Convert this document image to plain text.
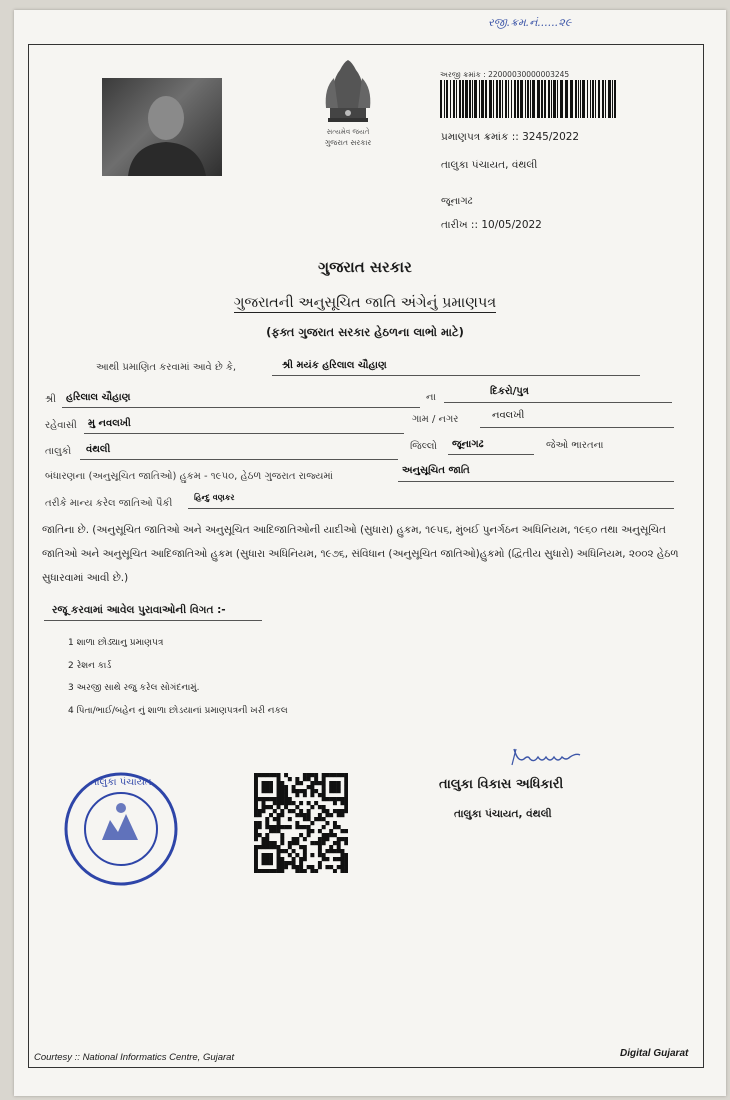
રજી.ક્રમ.નં......૨૯
સત્યમેવ જયતે
ગુજરાત સરકાર
અરજી ક્રમાંક : 22000030000003245
પ્રમાણપત્ર ક્રમાંક :: 3245/2022
તાલુકા પંચાયત, વંથલી
જૂનાગઢ
તારીખ :: 10/05/2022
ગુજરાત સરકાર
ગુજરાતની અનુસૂચિત જાતિ અંગેનું પ્રમાણપત્ર
(ફક્ત ગુજરાત સરકાર હેઠળના લાભો માટે)
આથી પ્રમાણિત કરવામાં આવે છે કે,	શ્રી મયંક હરિલાલ ચૌહાણ
શ્રી હરિલાલ ચૌહાણ	ના
દિકરો/પુત્ર
રહેવાસી મુ નવલખી	ગામ / નગર	નવલખી
તાલુકો વંથલી	જિલ્લો જૂનાગઢ	જેઓ ભારતના
બંધારણના (અનુસૂચિત જાતિઓ) હુકમ - ૧૯૫૦, હેઠળ ગુજરાત રાજ્યમાં
અનુસૂચિત જાતિ
તરીકે માન્ય કરેલ જાતિઓ પૈકી
હિન્દુ વણકર
જાતિના છે. (અનુસૂચિત જાતિઓ અને અનુસૂચિત આદિજાતિઓની યાદીઓ (સુધારા) હુકમ, ૧૯૫૬, મુંબઈ પુનર્ગઠન અધિનિયમ, ૧૯૬૦ તથા અનુસૂચિત જાતિઓ અને અનુસૂચિત આદિજાતિઓ હુકમ (સુધારા અધિનિયમ, ૧૯૭૬, સંવિધાન (અનુસૂચિત જાતિઓ)હુકમો (દ્વિતીય સુધારો) અધિનિયમ, ૨૦૦૨ હેઠળ સુધારવામાં આવી છે.)
રજૂ કરવામાં આવેલ પુરાવાઓની વિગત :-
1 શાળા છોડ્યાનુ પ્રમાણપત્ર
2 રેશન કાર્ડ
3 અરજી સાથે રજુ કરેલ સોગંદનામું.
4 પિતા/ભાઈ/બહેન નું શાળા છોડયાનાં પ્રમાણપત્રની ખરી નકલ
તાલુકા પંચાયત	તાલુકા વિકાસ અધિકારી
તાલુકા પંચાયત, વંથલી
Courtesy :: National Informatics Centre, Gujarat	Digital Gujarat
